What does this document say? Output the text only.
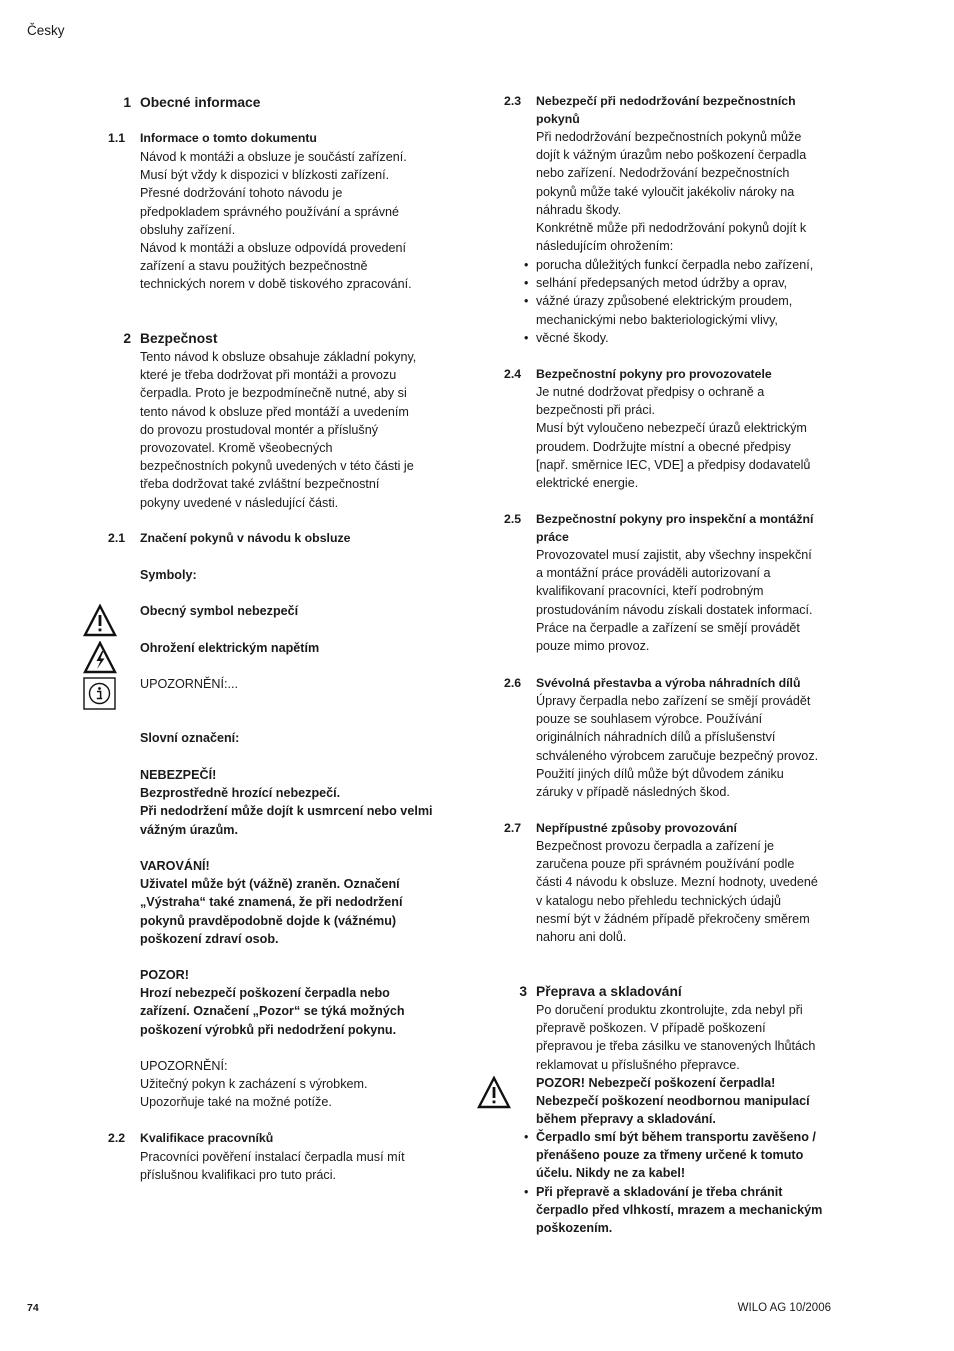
Česky
1 Obecné informace
1.1 Informace o tomto dokumentu
Návod k montáži a obsluze je součástí zařízení.
Musí být vždy k dispozici v blízkosti zařízení.
Přesné dodržování tohoto návodu je
předpokladem správného používání a správné
obsluhy zařízení.
Návod k montáži a obsluze odpovídá provedení
zařízení a stavu použitých bezpečnostně
technických norem v době tiskového zpracování.
2 Bezpečnost
Tento návod k obsluze obsahuje základní pokyny,
které je třeba dodržovat při montáži a provozu
čerpadla. Proto je bezpodmínečně nutné, aby si
tento návod k obsluze před montáží a uvedením
do provozu prostudoval montér a příslušný
provozovatel. Kromě všeobecných
bezpečnostních pokynů uvedených v této části je
třeba dodržovat také zvláštní bezpečnostní
pokyny uvedené v následující části.
2.1 Značení pokynů v návodu k obsluze
Symboly:
Obecný symbol nebezpečí
Ohrožení elektrickým napětím
UPOZORNĚNÍ:...
Slovní označení:
NEBEZPEČÍ!
Bezprostředně hrozící nebezpečí.
Při nedodržení může dojít k usmrcení nebo velmi
vážným úrazům.
VAROVÁNÍ!
Uživatel může být (vážně) zraněn. Označení
„Výstraha“ také znamená, že při nedodržení
pokynů pravděpodobně dojde k (vážnému)
poškození zdraví osob.
POZOR!
Hrozí nebezpečí poškození čerpadla nebo
zařízení. Označení „Pozor“ se týká možných
poškození výrobků při nedodržení pokynu.
UPOZORNĚNÍ:
Užitečný pokyn k zacházení s výrobkem.
Upozorňuje také na možné potíže.
2.2 Kvalifikace pracovníků
Pracovníci pověření instalací čerpadla musí mít
příslušnou kvalifikaci pro tuto práci.
2.3 Nebezpečí při nedodržování bezpečnostních
pokynů
Při nedodržování bezpečnostních pokynů může
dojít k vážným úrazům nebo poškození čerpadla
nebo zařízení. Nedodržování bezpečnostních
pokynů může také vyloučit jakékoliv nároky na
náhradu škody.
Konkrétně může při nedodržování pokynů dojít k
následujícím ohrožením:
• porucha důležitých funkcí čerpadla nebo zařízení,
• selhání předepsaných metod údržby a oprav,
• vážné úrazy způsobené elektrickým proudem,
mechanickými nebo bakteriologickými vlivy,
• věcné škody.
2.4 Bezpečnostní pokyny pro provozovatele
Je nutné dodržovat předpisy o ochraně a
bezpečnosti při práci.
Musí být vyloučeno nebezpečí úrazů elektrickým
proudem. Dodržujte místní a obecné předpisy
[např. směrnice IEC, VDE] a předpisy dodavatelů
elektrické energie.
2.5 Bezpečnostní pokyny pro inspekční a montážní
práce
Provozovatel musí zajistit, aby všechny inspekční
a montážní práce prováděli autorizovaní a
kvalifikovaní pracovníci, kteří podrobným
prostudováním návodu získali dostatek informací.
Práce na čerpadle a zařízení se smějí provádět
pouze mimo provoz.
2.6 Svévolná přestavba a výroba náhradních dílů
Úpravy čerpadla nebo zařízení se smějí provádět
pouze se souhlasem výrobce. Používání
originálních náhradních dílů a příslušenství
schváleného výrobcem zaručuje bezpečný provoz.
Použití jiných dílů může být důvodem zániku
záruky v případě následných škod.
2.7 Nepřípustné způsoby provozování
Bezpečnost provozu čerpadla a zařízení je
zaručena pouze při správném používání podle
části 4 návodu k obsluze. Mezní hodnoty, uvedené
v katalogu nebo přehledu technických údajů
nesmí být v žádném případě překročeny směrem
nahoru ani dolů.
3 Přeprava a skladování
Po doručení produktu zkontrolujte, zda nebyl při
přepravě poškozen. V případě poškození
přepravou je třeba zásilku ve stanovených lhůtách
reklamovat u příslušného přepravce.
POZOR! Nebezpečí poškození čerpadla!
Nebezpečí poškození neodbornou manipulací
během přepravy a skladování.
• Čerpadlo smí být během transportu zavěšeno /
přenášeno pouze za třmeny určené k tomuto
účelu. Nikdy ne za kabel!
• Při přepravě a skladování je třeba chránit
čerpadlo před vlhkostí, mrazem a mechanickým
poškozením.
74	WILO AG 10/2006
